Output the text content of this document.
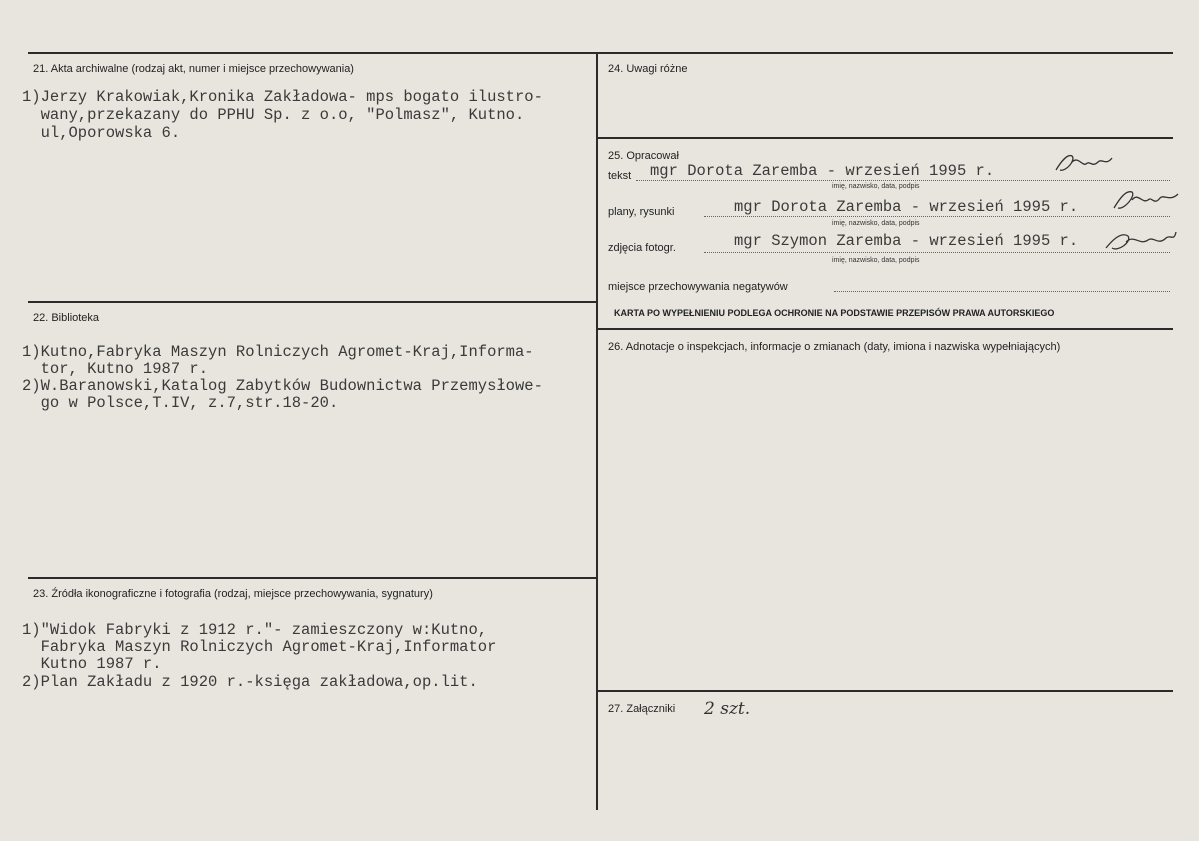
21. Akta archiwalne (rodzaj akt, numer i miejsce przechowywania)
1)Jerzy Krakowiak,Kronika Zakładowa- mps bogato ilustro-
wany,przekazany do PPHU Sp. z o.o, "Polmasz", Kutno.
ul,Oporowska 6.
22. Biblioteka
1)Kutno,Fabryka Maszyn Rolniczych Agromet-Kraj,Informa-
tor, Kutno 1987 r.
2)W.Baranowski,Katalog Zabytków Budownictwa Przemysłowe-
go w Polsce,T.IV, z.7,str.18-20.
23. Źródła ikonograficzne i fotografia (rodzaj, miejsce przechowywania, sygnatury)
1)"Widok Fabryki z 1912 r."- zamieszczony w:Kutno,
Fabryka Maszyn Rolniczych Agromet-Kraj,Informator
Kutno 1987 r.
2)Plan Zakładu z 1920 r.-księga zakładowa,op.lit.
24. Uwagi różne
25. Opracował
tekst mgr Dorota Zaremba - wrzesień 1995 r.
imię, nazwisko, data, podpis
plany, rysunki	mgr Dorota Zaremba - wrzesień 1995 r.
imię, nazwisko, data, podpis
zdjęcia fotogr.	mgr Szymon Zaremba - wrzesień 1995 r.
imię, nazwisko, data, podpis
miejsce przechowywania negatywów
KARTA PO WYPEŁNIENIU PODLEGA OCHRONIE NA PODSTAWIE PRZEPISÓW PRAWA AUTORSKIEGO
26. Adnotacje o inspekcjach, informacje o zmianach (daty, imiona i nazwiska wypełniających)
27. Załączniki 2 szt.
